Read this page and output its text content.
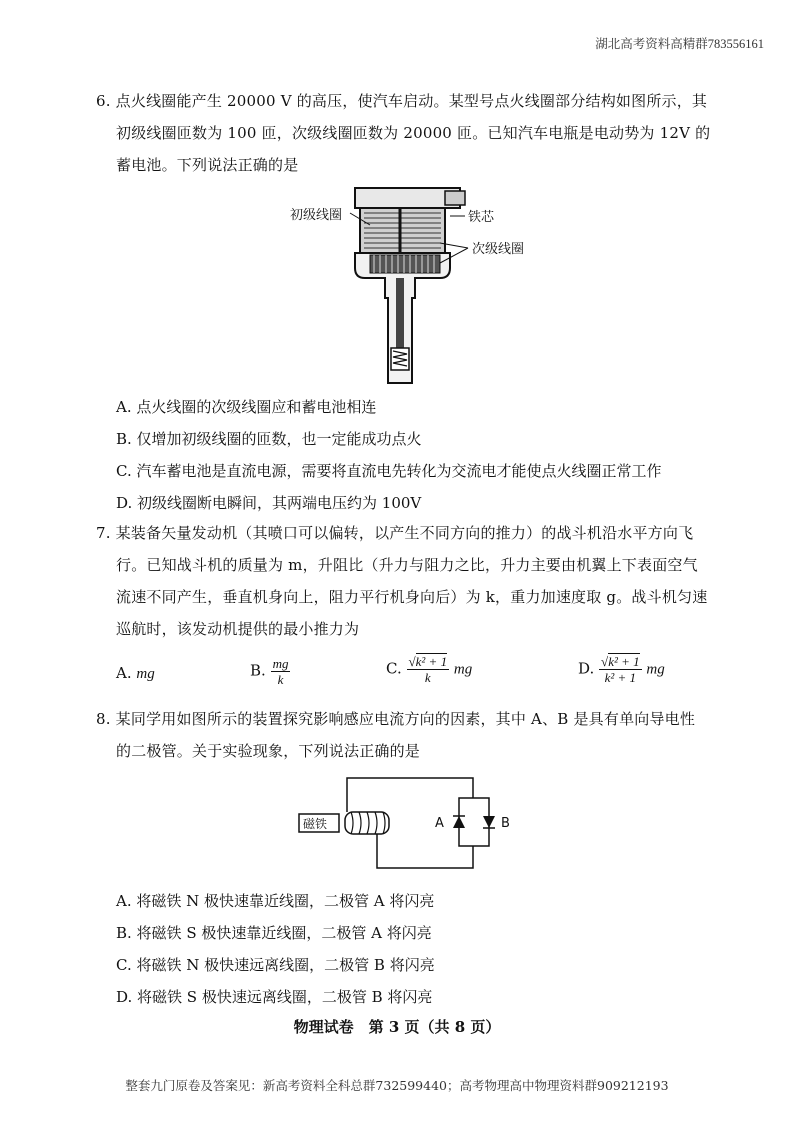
湖北高考资料高精群783556161
6. 点火线圈能产生 20000 V 的高压，使汽车启动。某型号点火线圈部分结构如图所示，其
初级线圈匝数为 100 匝，次级线圈匝数为 20000 匝。已知汽车电瓶是电动势为 12V 的
蓄电池。下列说法正确的是
初级线圈	铁芯
次级线圈
A. 点火线圈的次级线圈应和蓄电池相连
B. 仅增加初级线圈的匝数，也一定能成功点火
C. 汽车蓄电池是直流电源，需要将直流电先转化为交流电才能使点火线圈正常工作
D. 初级线圈断电瞬间，其两端电压约为 100V
7. 某装备矢量发动机（其喷口可以偏转，以产生不同方向的推力）的战斗机沿水平方向飞
行。已知战斗机的质量为 m，升阻比（升力与阻力之比，升力主要由机翼上下表面空气
流速不同产生，垂直机身向上，阻力平行机身向后）为 k，重力加速度取 g。战斗机匀速
巡航时，该发动机提供的最小推力为
A. mg	B. $\frac{mg}{k}$	C. $\frac{\text{√k² + 1}}{k}$ mg	D. $\frac{\text{√k² + 1}}{\text{k² + 1}}$ mg
8. 某同学用如图所示的装置探究影响感应电流方向的因素，其中 A、B 是具有单向导电性
的二极管。关于实验现象，下列说法正确的是
磁铁	A	B
A. 将磁铁 N 极快速靠近线圈，二极管 A 将闪亮
B. 将磁铁 S 极快速靠近线圈，二极管 A 将闪亮
C. 将磁铁 N 极快速远离线圈，二极管 B 将闪亮
D. 将磁铁 S 极快速远离线圈，二极管 B 将闪亮
物理试卷　第 3 页（共 8 页）
整套九门原卷及答案见：新高考资料全科总群732599440；高考物理高中物理资料群909212193
